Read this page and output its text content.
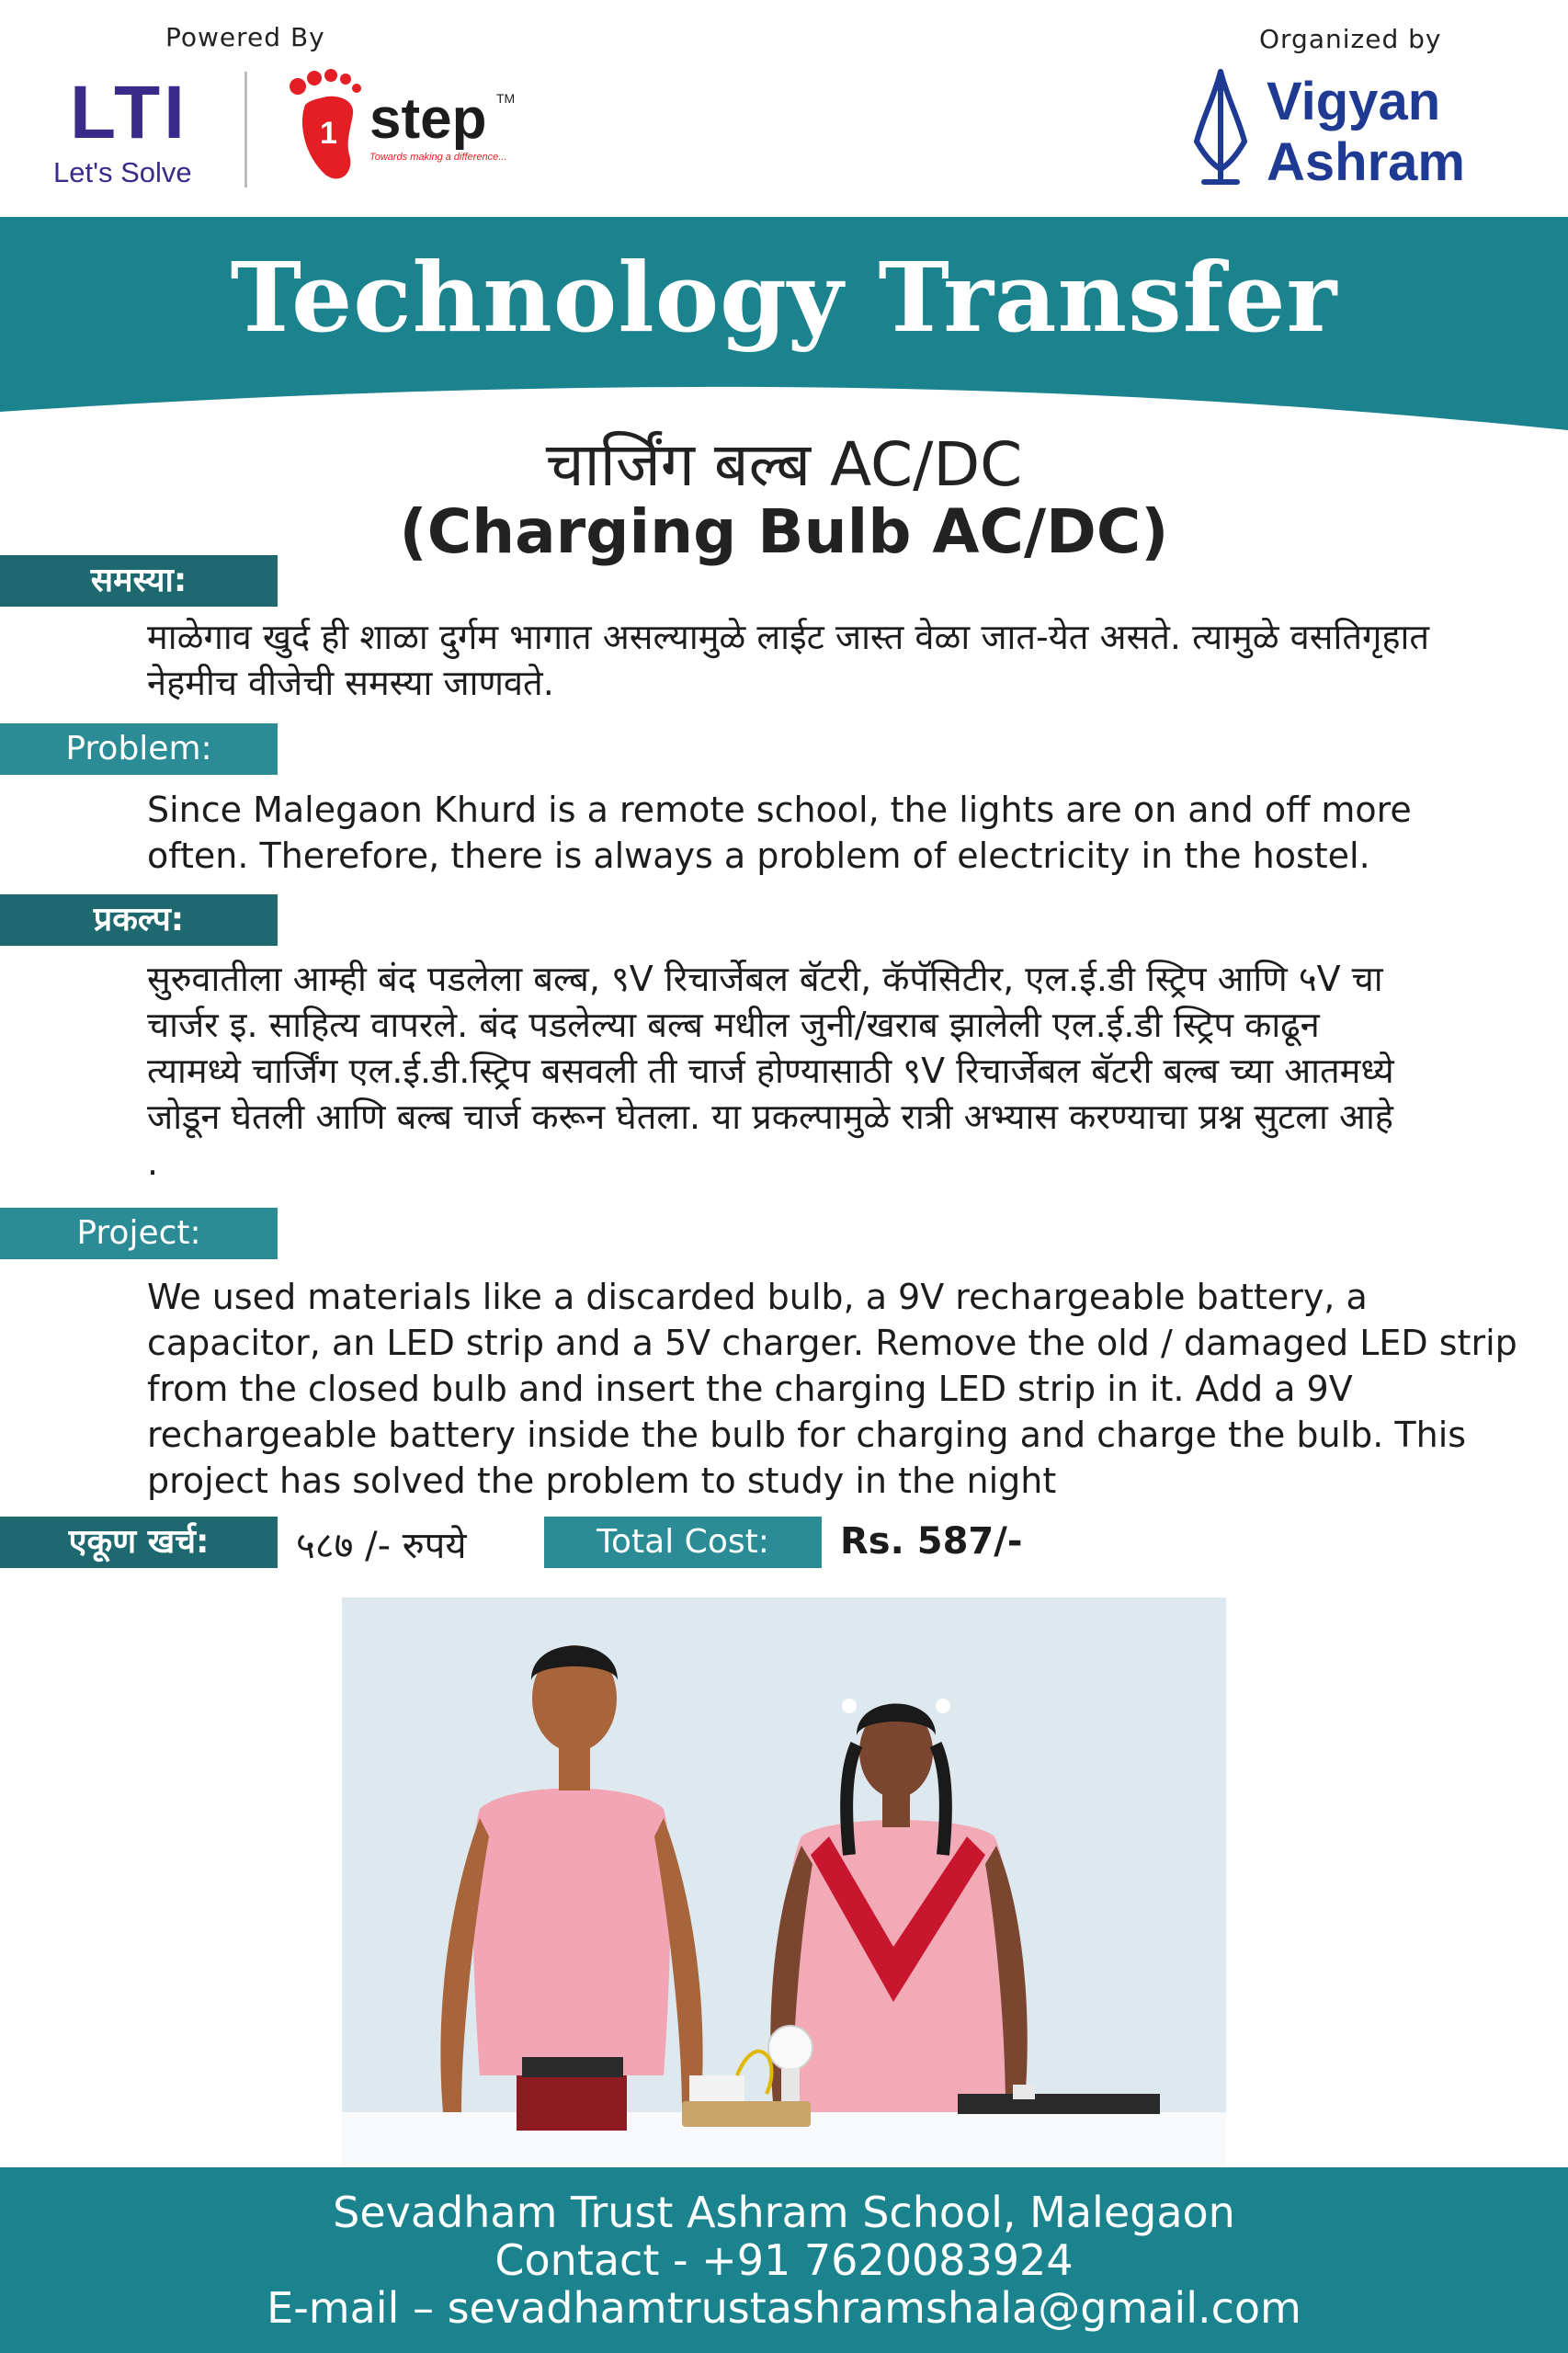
Powered By	Organized by
LTI
Let's Solve
1 step TM
Towards making a difference...
Vigyan
Ashram
Technology Transfer
चार्जिंग बल्ब AC/DC
(Charging Bulb AC/DC)
समस्या:
माळेगाव खुर्द ही शाळा दुर्गम भागात असल्यामुळे लाईट जास्त वेळा जात-येत असते. त्यामुळे वसतिगृहात नेहमीच वीजेची समस्या जाणवते.
Problem:
Since Malegaon Khurd is a remote school, the lights are on and off more often. Therefore, there is always a problem of electricity in the hostel.
प्रकल्प:
सुरुवातीला आम्ही बंद पडलेला बल्ब, ९V रिचार्जेबल बॅटरी, कॅपॅसिटीर, एल.ई.डी स्ट्रिप आणि ५V चा चार्जर इ. साहित्य वापरले. बंद पडलेल्या बल्ब मधील जुनी/खराब झालेली एल.ई.डी स्ट्रिप काढून त्यामध्ये चार्जिंग एल.ई.डी.स्ट्रिप बसवली ती चार्ज होण्यासाठी ९V रिचार्जेबल बॅटरी बल्ब च्या आतमध्ये जोडून घेतली आणि बल्ब चार्ज करून घेतला. या प्रकल्पामुळे रात्री अभ्यास करण्याचा प्रश्न सुटला आहे .
Project:
We used materials like a discarded bulb, a 9V rechargeable battery, a capacitor, an LED strip and a 5V charger. Remove the old / damaged LED strip from the closed bulb and insert the charging LED strip in it. Add a 9V rechargeable battery inside the bulb for charging and charge the bulb. This project has solved the problem to study in the night
एकूण खर्च:	५८७ /- रुपये	Total Cost:	Rs. 587/-
Sevadham Trust Ashram School, Malegaon
Contact - +91 7620083924
E-mail – sevadhamtrustashramshala@gmail.com
